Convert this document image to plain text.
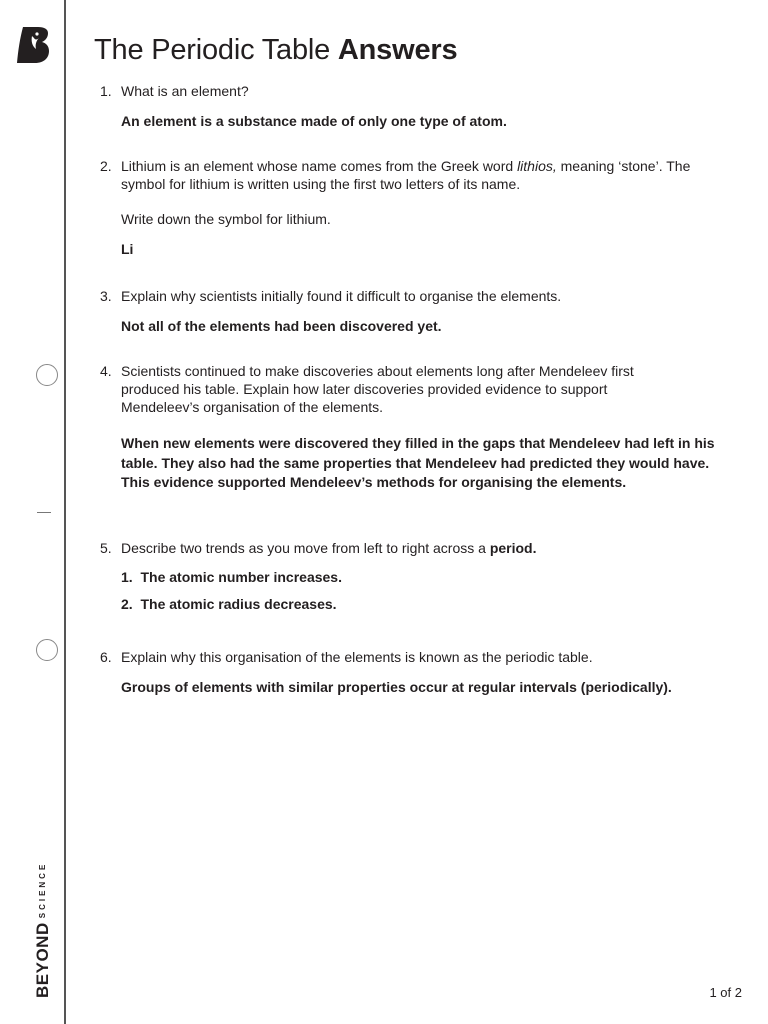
BEYONDSCIENCE
The Periodic Table Answers
1. What is an element?
An element is a substance made of only one type of atom.
2. Lithium is an element whose name comes from the Greek word lithios, meaning ‘stone’. The symbol for lithium is written using the first two letters of its name.
Write down the symbol for lithium.
Li
3. Explain why scientists initially found it difficult to organise the elements.
Not all of the elements had been discovered yet.
4. Scientists continued to make discoveries about elements long after Mendeleev first produced his table. Explain how later discoveries provided evidence to support Mendeleev’s organisation of the elements.
When new elements were discovered they filled in the gaps that Mendeleev had left in his table. They also had the same properties that Mendeleev had predicted they would have. This evidence supported Mendeleev’s methods for organising the elements.
5. Describe two trends as you move from left to right across a period.
1. The atomic number increases.
2. The atomic radius decreases.
6. Explain why this organisation of the elements is known as the periodic table.
Groups of elements with similar properties occur at regular intervals (periodically).
1 of 2
